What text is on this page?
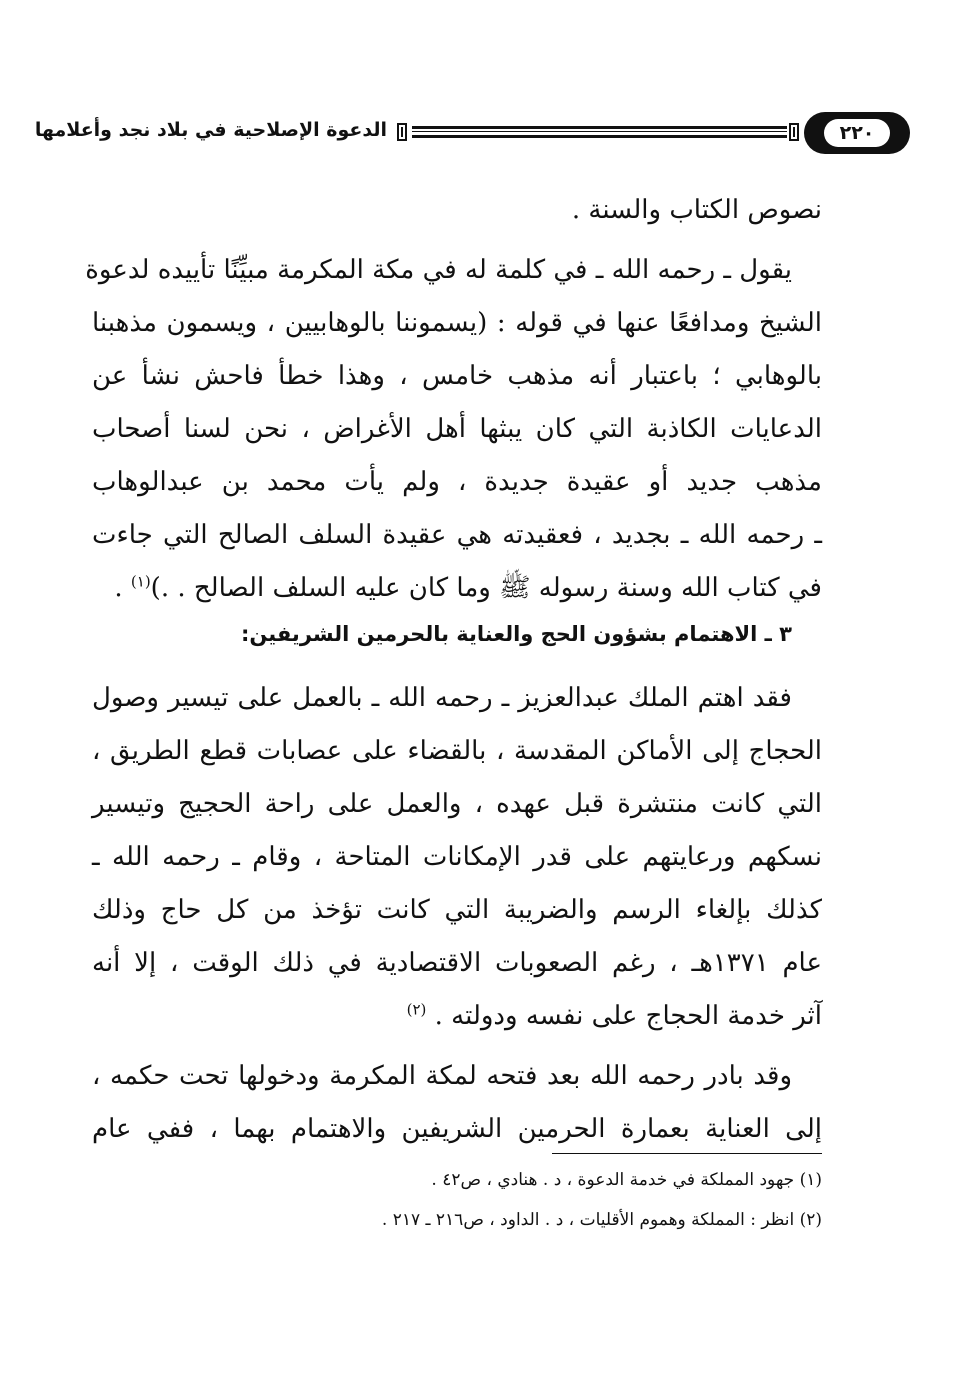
الدعوة الإصلاحية في بلاد نجد وأعلامها	٢٢٠
نصوص الكتاب والسنة .
يقول ـ رحمه الله ـ في كلمة له في مكة المكرمة مبيِّنًا تأييده لدعوة
الشيخ ومدافعًا عنها في قوله : (يسموننا بالوهابيين ، ويسمون مذهبنا
بالوهابي ؛ باعتبار أنه مذهب خامس ، وهذا خطأ فاحش نشأ عن
الدعايات الكاذبة التي كان يبثها أهل الأغراض ، نحن لسنا أصحاب
مذهب جديد أو عقيدة جديدة ، ولم يأت محمد بن عبدالوهاب
ـ رحمه الله ـ بجديد ، فعقيدته هي عقيدة السلف الصالح التي جاءت
في كتاب الله وسنة رسوله ﷺ وما كان عليه السلف الصالح . .)$^{(١)}$ .
٣ ـ الاهتمام بشؤون الحج والعناية بالحرمين الشريفين:
فقد اهتم الملك عبدالعزيز ـ رحمه الله ـ بالعمل على تيسير وصول
الحجاج إلى الأماكن المقدسة ، بالقضاء على عصابات قطع الطريق ،
التي كانت منتشرة قبل عهده ، والعمل على راحة الحجيج وتيسير
نسكهم ورعايتهم على قدر الإمكانات المتاحة ، وقام ـ رحمه الله ـ
كذلك بإلغاء الرسم والضريبة التي كانت تؤخذ من كل حاج وذلك
عام ١٣٧١هـ ، رغم الصعوبات الاقتصادية في ذلك الوقت ، إلا أنه
آثر خدمة الحجاج على نفسه ودولته . $^{(٢)}$
وقد بادر رحمه الله بعد فتحه لمكة المكرمة ودخولها تحت حكمه ،
إلى العناية بعمارة الحرمين الشريفين والاهتمام بهما ، ففي عام
(١) جهود المملكة في خدمة الدعوة ، د . هنادي ، ص٤٢ .
(٢) انظر : المملكة وهموم الأقليات ، د . الداود ، ص٢١٦ ـ ٢١٧ .
